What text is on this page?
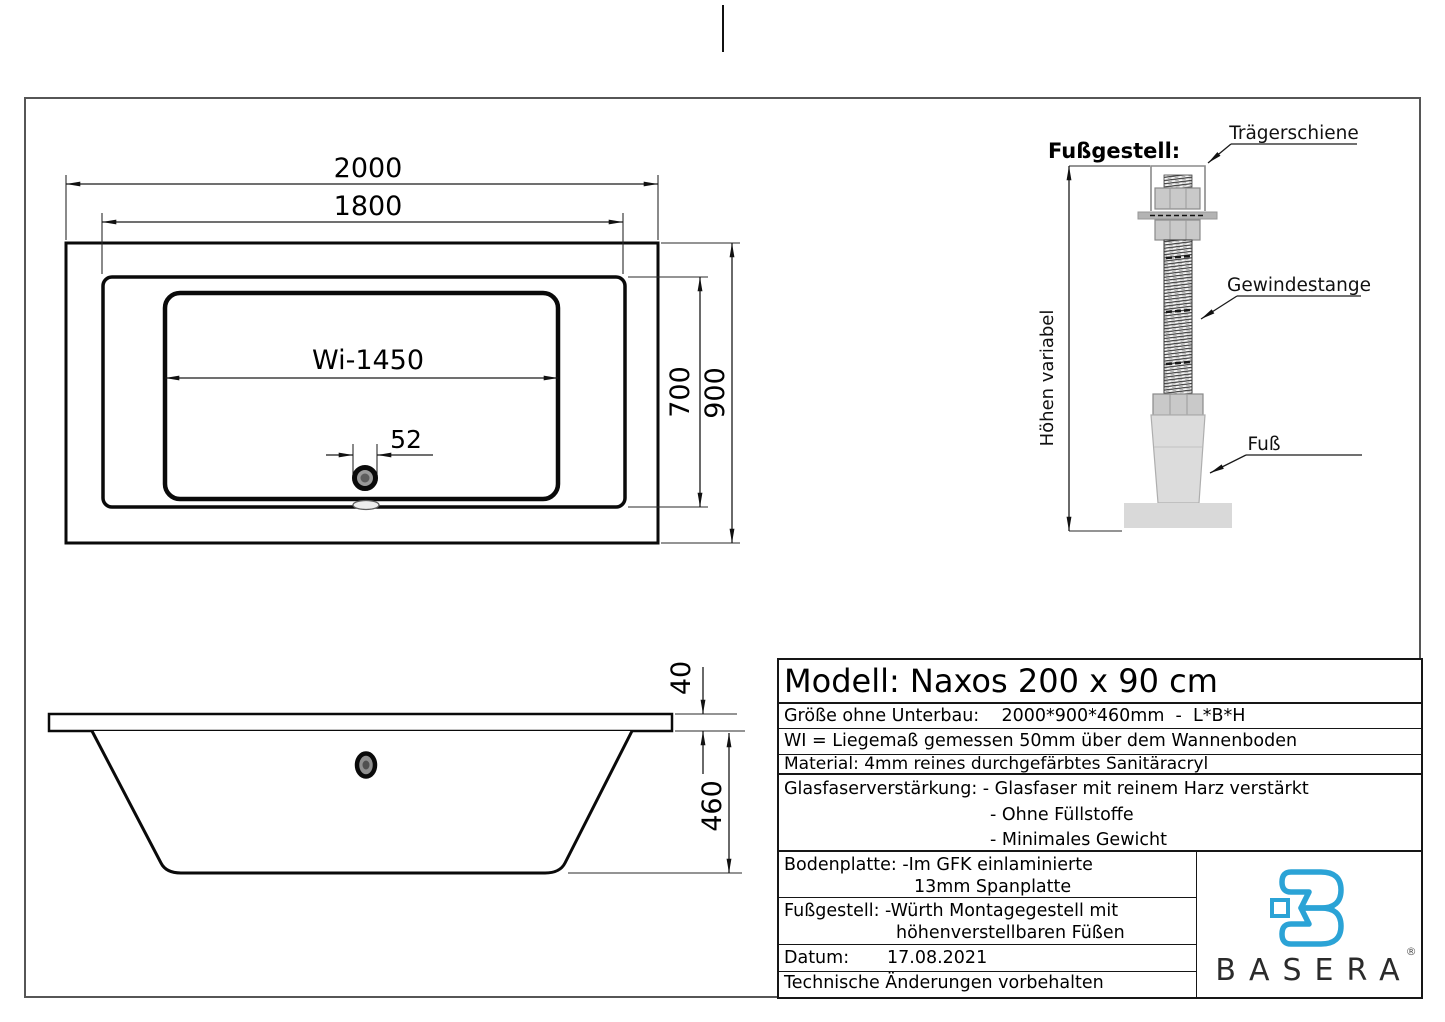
2000
1800
Wi-1450
52
700 900
40
460
Fußgestell:
Höhen variabel
Trägerschiene
Gewindestange
Fuß
Modell: Naxos 200 x 90 cm
Größe ohne Unterbau:    2000*900*460mm  -  L*B*H
WI = Liegemaß gemessen 50mm über dem Wannenboden
Material: 4mm reines durchgefärbtes Sanitäracryl
Glasfaserverstärkung: - Glasfaser mit reinem Harz verstärkt
- Ohne Füllstoffe
- Minimales Gewicht
Bodenplatte: -Im GFK einlaminierte
13mm Spanplatte
Fußgestell: -Würth Montagegestell mit
höhenverstellbaren Füßen
Datum: 17.08.2021
Technische Änderungen vorbehalten	BASERA
®
